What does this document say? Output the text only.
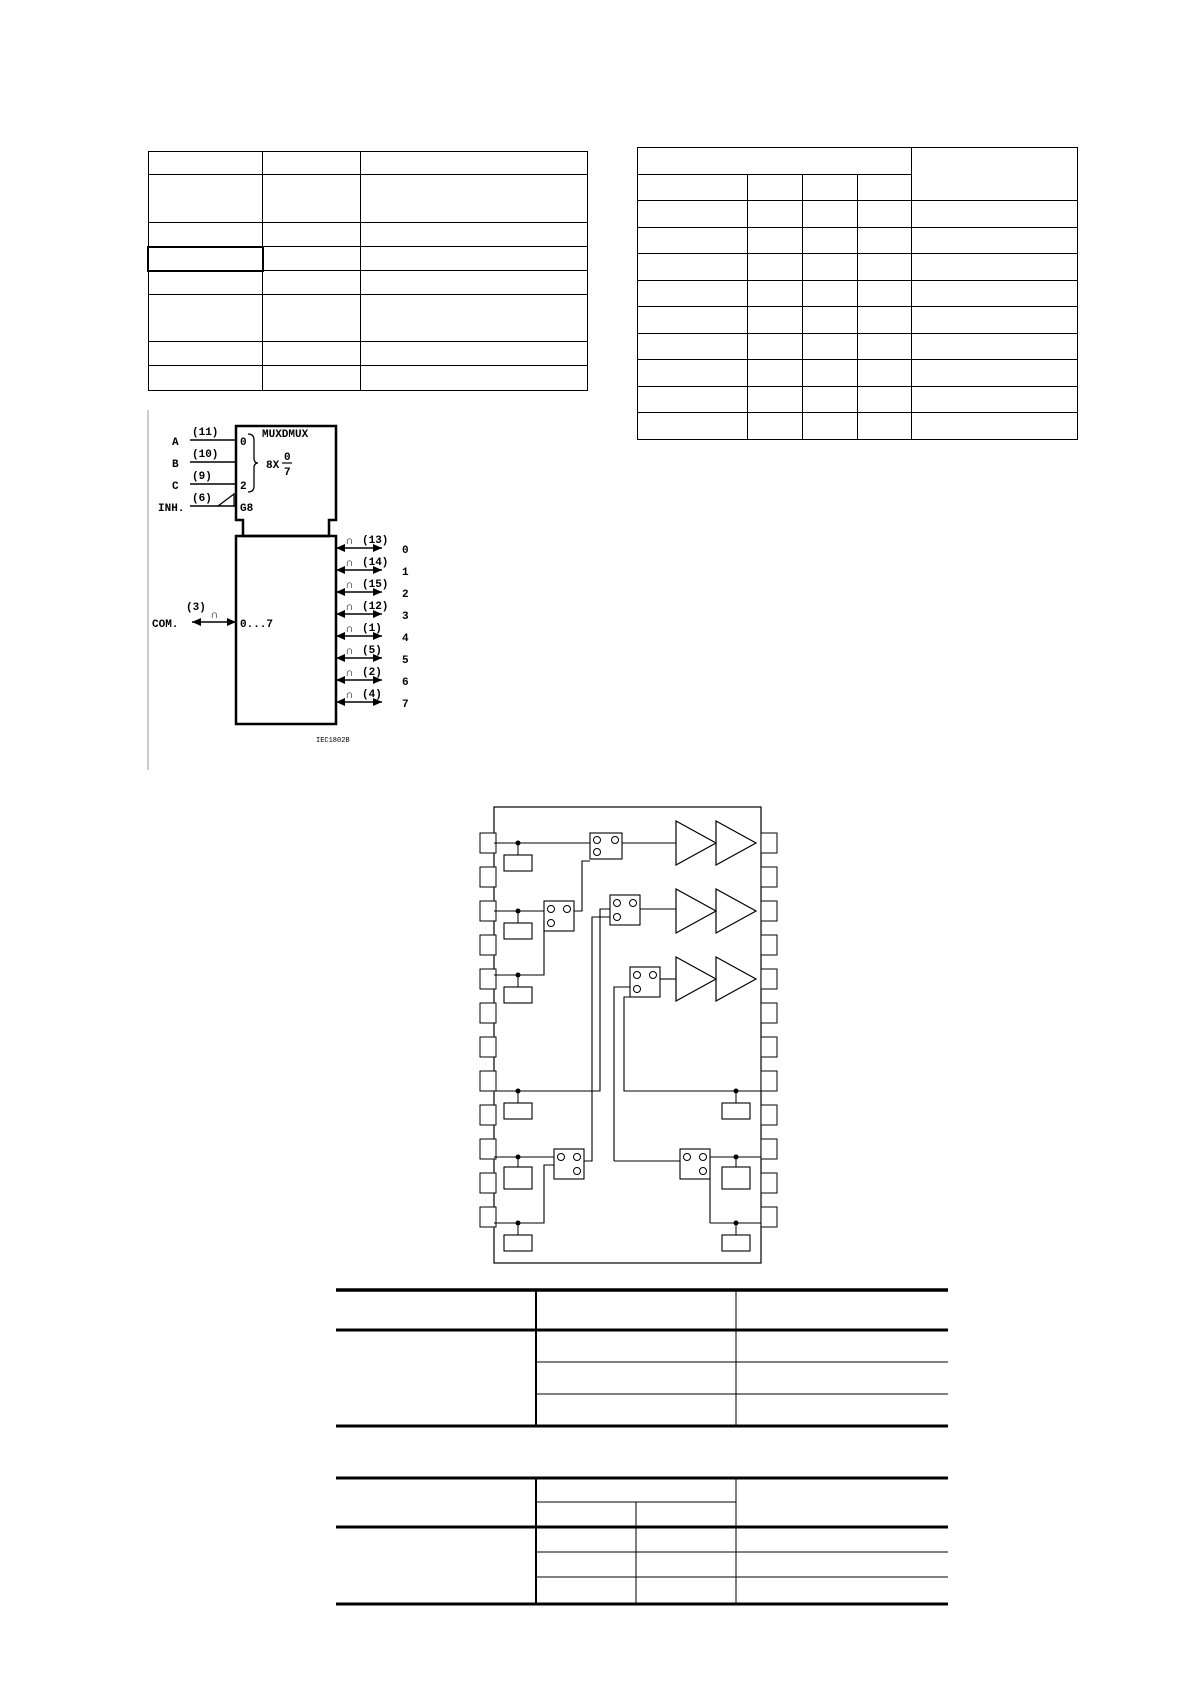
MUXDMUX
A
(11)
0
B
(10)
C
(9)
2
INH.
(6)
G8
8X
0
7
COM.
(3)
∩
0...7
∩ (13)
0
∩ (14)
1
∩ (15)
2
∩ (12)
3
∩ (1)
4
∩ (5)
5
∩ (2)
6
∩ (4)
7
IEC1802B
